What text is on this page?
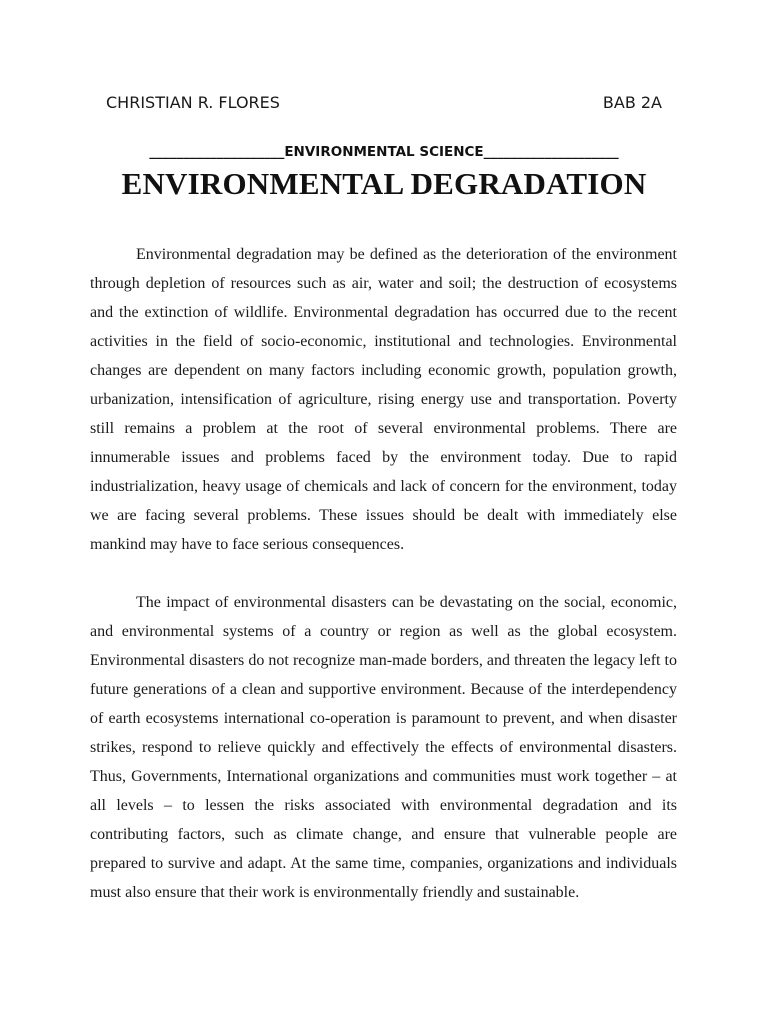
CHRISTIAN R. FLORES	BAB 2A
____________________ENVIRONMENTAL SCIENCE____________________
ENVIRONMENTAL DEGRADATION

Environmental degradation may be defined as the deterioration of the environment through depletion of resources such as air, water and soil; the destruction of ecosystems and the extinction of wildlife. Environmental degradation has occurred due to the recent activities in the field of socio-economic, institutional and technologies. Environmental changes are dependent on many factors including economic growth, population growth, urbanization, intensification of agriculture, rising energy use and transportation. Poverty still remains a problem at the root of several environmental problems. There are innumerable issues and problems faced by the environment today. Due to rapid industrialization, heavy usage of chemicals and lack of concern for the environment, today we are facing several problems. These issues should be dealt with immediately else mankind may have to face serious consequences.

The impact of environmental disasters can be devastating on the social, economic, and environmental systems of a country or region as well as the global ecosystem. Environmental disasters do not recognize man-made borders, and threaten the legacy left to future generations of a clean and supportive environment. Because of the interdependency of earth ecosystems international co-operation is paramount to prevent, and when disaster strikes, respond to relieve quickly and effectively the effects of environmental disasters. Thus, Governments, International organizations and communities must work together – at all levels – to lessen the risks associated with environmental degradation and its contributing factors, such as climate change, and ensure that vulnerable people are prepared to survive and adapt. At the same time, companies, organizations and individuals must also ensure that their work is environmentally friendly and sustainable.
